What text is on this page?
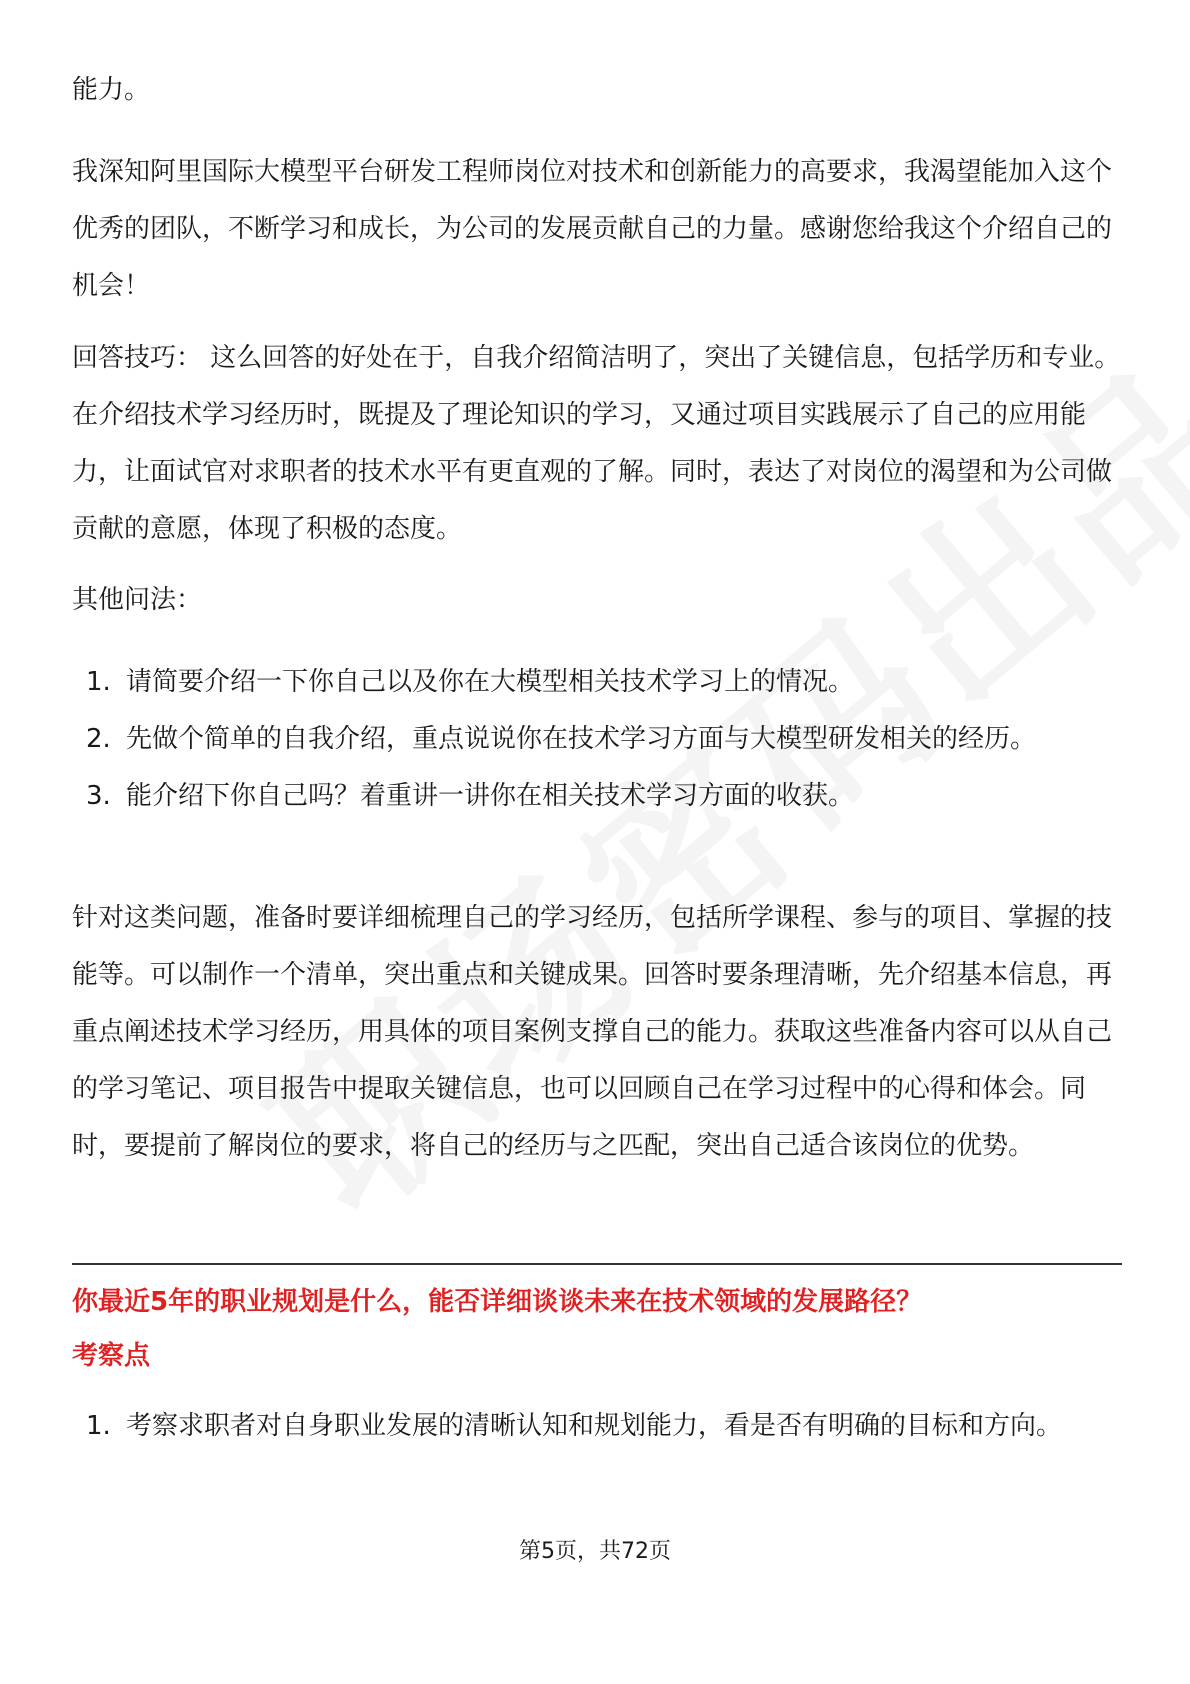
能力。

我深知阿里国际大模型平台研发工程师岗位对技术和创新能力的高要求，我渴望能加入这个优秀的团队，不断学习和成长，为公司的发展贡献自己的力量。感谢您给我这个介绍自己的机会！

回答技巧： 这么回答的好处在于，自我介绍简洁明了，突出了关键信息，包括学历和专业。在介绍技术学习经历时，既提及了理论知识的学习，又通过项目实践展示了自己的应用能力，让面试官对求职者的技术水平有更直观的了解。同时，表达了对岗位的渴望和为公司做贡献的意愿，体现了积极的态度。

其他问法：

1. 请简要介绍一下你自己以及你在大模型相关技术学习上的情况。
2. 先做个简单的自我介绍，重点说说你在技术学习方面与大模型研发相关的经历。
3. 能介绍下你自己吗？着重讲一讲你在相关技术学习方面的收获。

针对这类问题，准备时要详细梳理自己的学习经历，包括所学课程、参与的项目、掌握的技能等。可以制作一个清单，突出重点和关键成果。回答时要条理清晰，先介绍基本信息，再重点阐述技术学习经历，用具体的项目案例支撑自己的能力。获取这些准备内容可以从自己的学习笔记、项目报告中提取关键信息，也可以回顾自己在学习过程中的心得和体会。同时，要提前了解岗位的要求，将自己的经历与之匹配，突出自己适合该岗位的优势。

你最近5年的职业规划是什么，能否详细谈谈未来在技术领域的发展路径？

考察点

1. 考察求职者对自身职业发展的清晰认知和规划能力，看是否有明确的目标和方向。
第5页，共72页
